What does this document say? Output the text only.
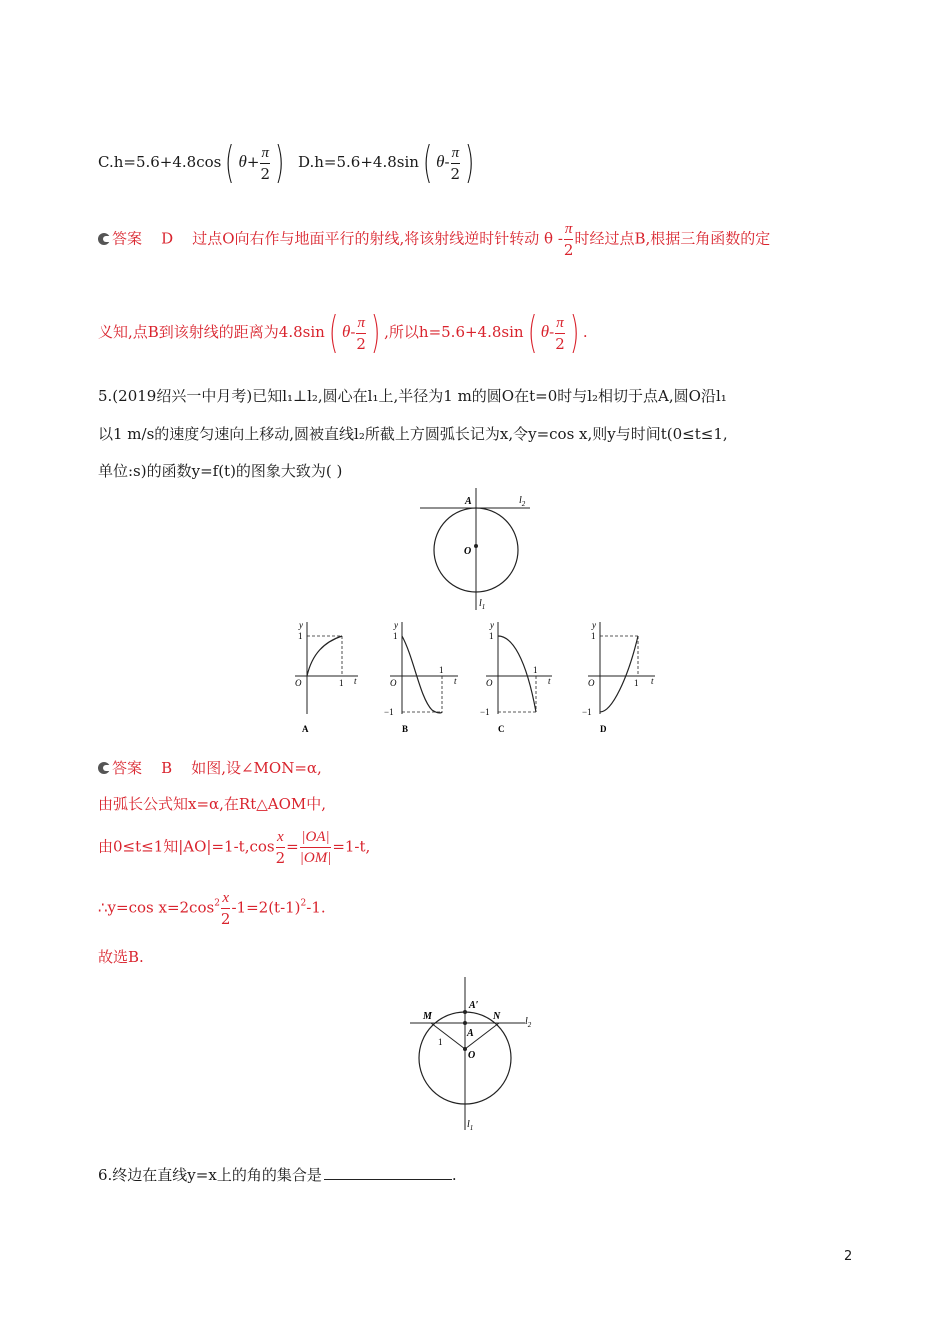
C.h=5.6+4.8cos( $\theta+ \frac{\pi}{2}$ ) D.h=5.6+4.8sin( $\theta- \frac{\pi}{2}$ )
答案 D 过点O向右作与地面平行的射线,将该射线逆时针转动 θ - $\frac{\pi}{2}$ 时经过点B,根据三角函数的定
义知,点B到该射线的距离为4.8sin( $\theta- \frac{\pi}{2}$ ) ,所以h=5.6+4.8sin( $\theta- \frac{\pi}{2}$ ) .
5.(2019绍兴一中月考)已知l₁⊥l₂,圆心在l₁上,半径为1 m的圆O在t=0时与l₂相切于点A,圆O沿l₁
以1 m/s的速度匀速向上移动,圆被直线l₂所截上方圆弧长记为x,令y=cos x,则y与时间t(0≤t≤1,
单位:s)的函数y=f(t)的图象大致为( )
A
O
$l_2$
$l_1$
y
1
O	1 t
A
y
1
O
−1
1
t
B
y
1
O
−1
1
t
C
y
1
O
−1
1 t
D
答案 B 如图,设∠MON=α,
由弧长公式知x=α,在Rt△AOM中,
由0≤t≤1知$|AO|=1-t,\cos \frac{x}{2} = \frac{|OA|}{|OM|} =1-t$,
∴y=cos $x=2\cos^2 \frac{x}{2} -1=2(t-1)^2-1$.
故选B.
M	N
A′
A
O
1
$l_2$
$l_1$
6.终边在直线y=x上的角的集合是	.
2
